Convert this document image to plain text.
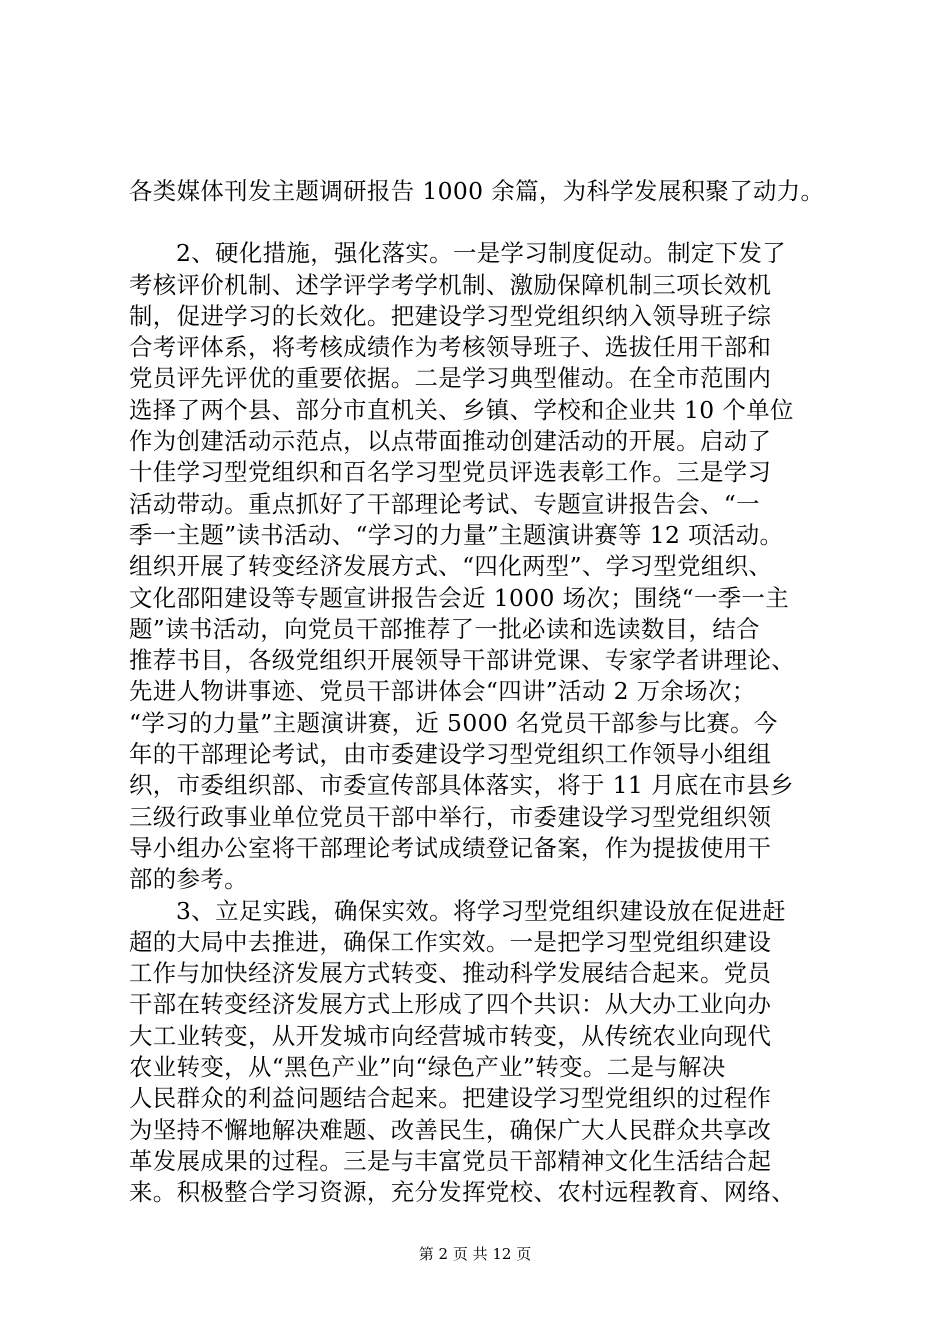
各类媒体刊发主题调研报告 1000 余篇，为科学发展积聚了动力。
2、硬化措施，强化落实。一是学习制度促动。制定下发了
考核评价机制、述学评学考学机制、激励保障机制三项长效机
制，促进学习的长效化。把建设学习型党组织纳入领导班子综
合考评体系，将考核成绩作为考核领导班子、选拔任用干部和
党员评先评优的重要依据。二是学习典型催动。在全市范围内
选择了两个县、部分市直机关、乡镇、学校和企业共 10 个单位
作为创建活动示范点，以点带面推动创建活动的开展。启动了
十佳学习型党组织和百名学习型党员评选表彰工作。三是学习
活动带动。重点抓好了干部理论考试、专题宣讲报告会、“一
季一主题”读书活动、“学习的力量”主题演讲赛等 12 项活动。
组织开展了转变经济发展方式、“四化两型”、学习型党组织、
文化邵阳建设等专题宣讲报告会近 1000 场次；围绕“一季一主
题”读书活动，向党员干部推荐了一批必读和选读数目，结合
推荐书目，各级党组织开展领导干部讲党课、专家学者讲理论、
先进人物讲事迹、党员干部讲体会“四讲”活动 2 万余场次；
“学习的力量”主题演讲赛，近 5000 名党员干部参与比赛。今
年的干部理论考试，由市委建设学习型党组织工作领导小组组
织，市委组织部、市委宣传部具体落实，将于 11 月底在市县乡
三级行政事业单位党员干部中举行，市委建设学习型党组织领
导小组办公室将干部理论考试成绩登记备案，作为提拔使用干
部的参考。
3、立足实践，确保实效。将学习型党组织建设放在促进赶
超的大局中去推进，确保工作实效。一是把学习型党组织建设
工作与加快经济发展方式转变、推动科学发展结合起来。党员
干部在转变经济发展方式上形成了四个共识：从大办工业向办
大工业转变，从开发城市向经营城市转变，从传统农业向现代
农业转变，从“黑色产业”向“绿色产业”转变。二是与解决
人民群众的利益问题结合起来。把建设学习型党组织的过程作
为坚持不懈地解决难题、改善民生，确保广大人民群众共享改
革发展成果的过程。三是与丰富党员干部精神文化生活结合起
来。积极整合学习资源，充分发挥党校、农村远程教育、网络、
第 2 页 共 12 页
